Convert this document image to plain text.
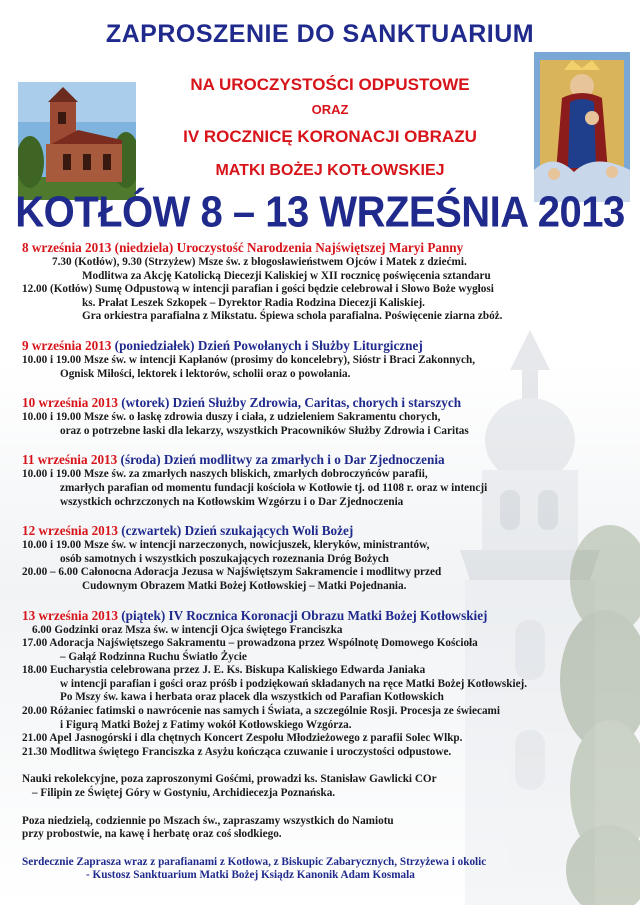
ZAPROSZENIE DO SANKTUARIUM
NA UROCZYSTOŚCI ODPUSTOWE
ORAZ
IV ROCZNICĘ KORONACJI OBRAZU
MATKI BOŻEJ KOTŁOWSKIEJ
KOTŁÓW 8 – 13 WRZEŚNIA 2013
8 września 2013 (niedziela) Uroczystość Narodzenia Najświętszej Maryi Panny
7.30 (Kotłów), 9.30 (Strzyżew) Msze św. z błogosławieństwem Ojców i Matek z dziećmi.
Modlitwa za Akcję Katolicką Diecezji Kaliskiej w XII rocznicę poświęcenia sztandaru
12.00 (Kotłów) Sumę Odpustową w intencji parafian i gości będzie celebrował i Słowo Boże wygłosi
ks. Prałat Leszek Szkopek – Dyrektor Radia Rodzina Diecezji Kaliskiej.
Gra orkiestra parafialna z Mikstatu. Śpiewa schola parafialna. Poświęcenie ziarna zbóż.
9 września 2013 (poniedziałek) Dzień Powołanych i Służby Liturgicznej
10.00 i 19.00 Msze św. w intencji Kapłanów (prosimy do koncelebry), Sióstr i Braci Zakonnych,
Ognisk Miłości, lektorek i lektorów, scholii oraz o powołania.
10 września 2013 (wtorek) Dzień Służby Zdrowia, Caritas, chorych i starszych
10.00 i 19.00 Msze św. o łaskę zdrowia duszy i ciała, z udzieleniem Sakramentu chorych,
oraz o potrzebne łaski dla lekarzy, wszystkich Pracowników Służby Zdrowia i Caritas
11 września 2013 (środa) Dzień modlitwy za zmarłych i o Dar Zjednoczenia
10.00 i 19.00 Msze św. za zmarłych naszych bliskich, zmarłych dobroczyńców parafii,
zmarłych parafian od momentu fundacji kościoła w Kotłowie tj. od 1108 r. oraz w intencji
wszystkich ochrzczonych na Kotłowskim Wzgórzu i o Dar Zjednoczenia
12 września 2013 (czwartek) Dzień szukających Woli Bożej
10.00 i 19.00 Msze św. w intencji narzeczonych, nowicjuszek, kleryków, ministrantów,
osób samotnych i wszystkich poszukających rozeznania Dróg Bożych
20.00 – 6.00 Całonocna Adoracja Jezusa w Najświętszym Sakramencie i modlitwy przed
Cudownym Obrazem Matki Bożej Kotłowskiej – Matki Pojednania.
13 września 2013 (piątek) IV Rocznica Koronacji Obrazu Matki Bożej Kotłowskiej
6.00 Godzinki oraz Msza św. w intencji Ojca świętego Franciszka
17.00 Adoracja Najświętszego Sakramentu – prowadzona przez Wspólnotę Domowego Kościoła
– Gałąź Rodzinna Ruchu Światło Życie
18.00 Eucharystia celebrowana przez J. E. Ks. Biskupa Kaliskiego Edwarda Janiaka
w intencji parafian i gości oraz próśb i podziękowań składanych na ręce Matki Bożej Kotłowskiej.
Po Mszy św. kawa i herbata oraz placek dla wszystkich od Parafian Kotłowskich
20.00 Różaniec fatimski o nawrócenie nas samych i Świata, a szczególnie Rosji. Procesja ze świecami
i Figurą Matki Bożej z Fatimy wokół Kotłowskiego Wzgórza.
21.00 Apel Jasnogórski i dla chętnych Koncert Zespołu Młodzieżowego z parafii Solec Wlkp.
21.30 Modlitwa świętego Franciszka z Asyżu kończąca czuwanie i uroczystości odpustowe.
Nauki rekolekcyjne, poza zaproszonymi Gośćmi, prowadzi ks. Stanisław Gawlicki COr
– Filipin ze Świętej Góry w Gostyniu, Archidiecezja Poznańska.
Poza niedzielą, codziennie po Mszach św., zapraszamy wszystkich do Namiotu
przy probostwie, na kawę i herbatę oraz coś słodkiego.
Serdecznie Zaprasza wraz z parafianami z Kotłowa, z Biskupic Zabarycznych, Strzyżewa i okolic
- Kustosz Sanktuarium Matki Bożej Ksiądz Kanonik Adam Kosmala
